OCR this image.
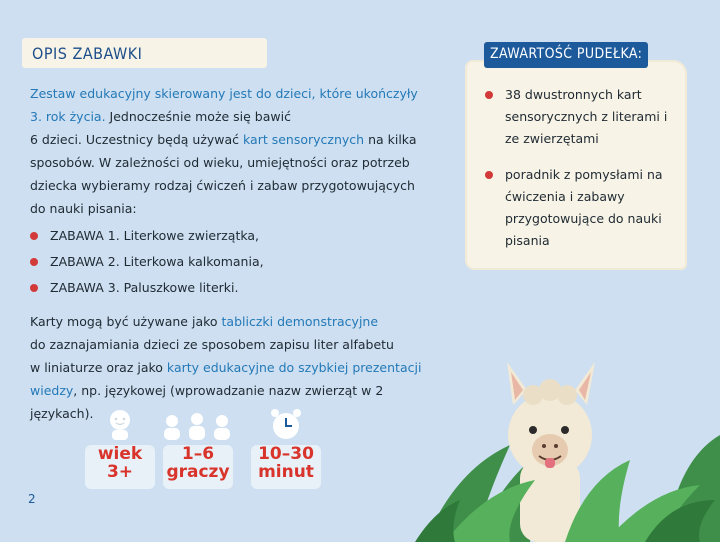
OPIS ZABAWKI
Zestaw edukacyjny skierowany jest do dzieci, które ukończyły
3. rok życia. Jednocześnie może się bawić
6 dzieci. Uczestnicy będą używać kart sensorycznych na kilka
sposobów. W zależności od wieku, umiejętności oraz potrzeb
dziecka wybieramy rodzaj ćwiczeń i zabaw przygotowujących
do nauki pisania:
ZABAWA 1. Literkowe zwierzątka,
ZABAWA 2. Literkowa kalkomania,
ZABAWA 3. Paluszkowe literki.
Karty mogą być używane jako tabliczki demonstracyjne
do zaznajamiania dzieci ze sposobem zapisu liter alfabetu
w liniaturze oraz jako karty edukacyjne do szybkiej prezentacji
wiedzy, np. językowej (wprowadzanie nazw zwierząt w 2 językach).
ZAWARTOŚĆ PUDEŁKA:
38 dwustronnych kart sensorycznych z literami i ze zwierzętami
poradnik z pomysłami na ćwiczenia i zabawy przygotowujące do nauki pisania
wiek
3+
1–6
graczy
10–30
minut
2
